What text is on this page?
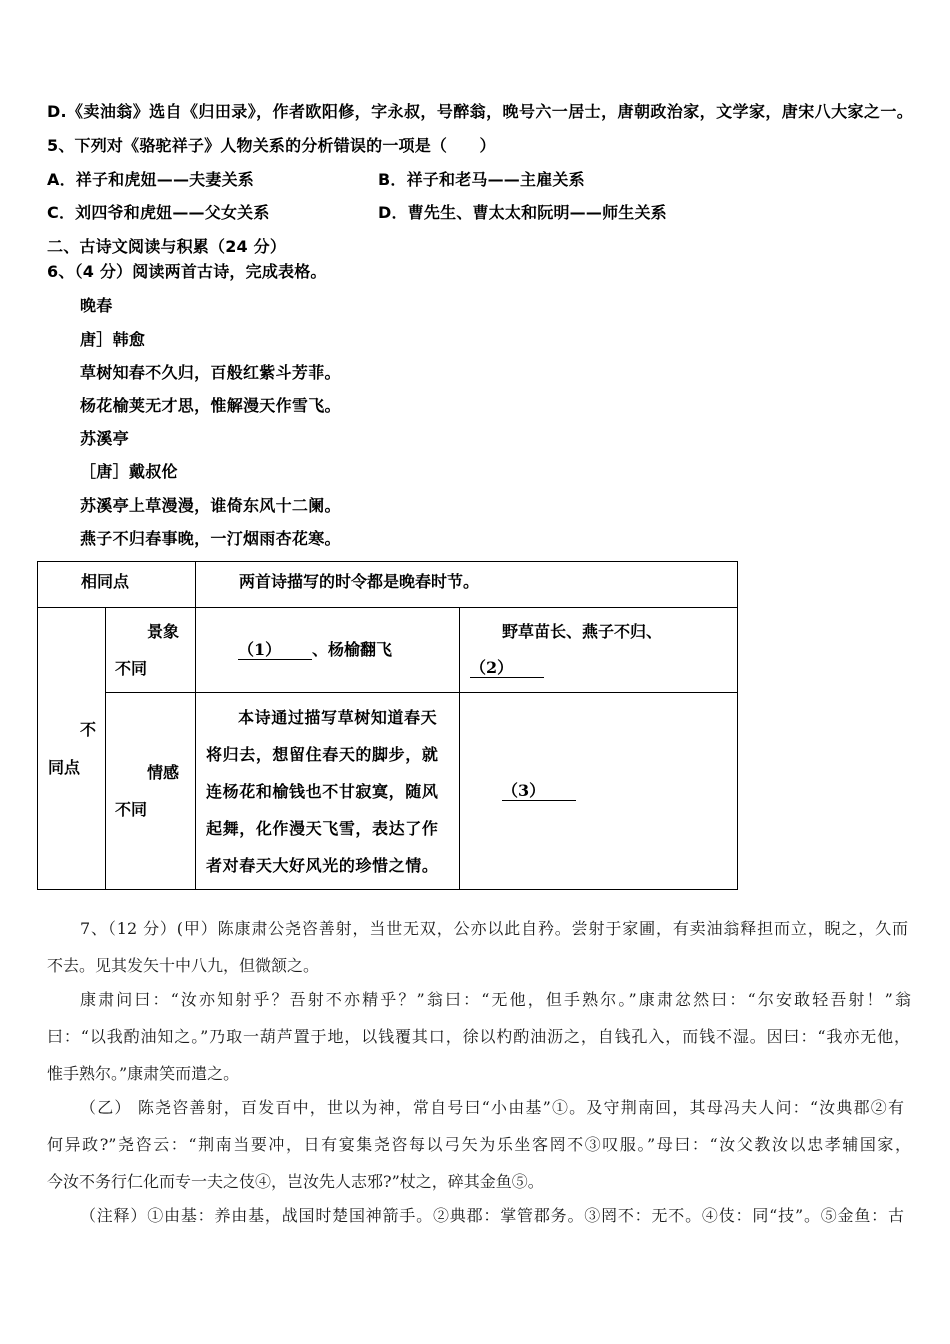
D.《卖油翁》选自《归田录》，作者欧阳修，字永叔，号醉翁，晚号六一居士，唐朝政治家，文学家，唐宋八大家之一。
5、下列对《骆驼祥子》人物关系的分析错误的一项是（　　）
A．祥子和虎妞——夫妻关系	B．祥子和老马——主雇关系
C．刘四爷和虎妞——父女关系	D．曹先生、曹太太和阮明——师生关系
二、古诗文阅读与积累（24 分）
6、（4 分）阅读两首古诗，完成表格。
晚春
唐］韩愈
草树知春不久归，百般红紫斗芳菲。
杨花榆荚无才思，惟解漫天作雪飞。
苏溪亭
［唐］戴叔伦
苏溪亭上草漫漫，谁倚东风十二阑。
燕子不归春事晚，一汀烟雨杏花寒。
相同点		两首诗描写的时令都是晚春时节。	
不同点	景象不同	（1） 、杨榆翻飞	野草苗长、燕子不归、
（2）

	情感不同	本诗通过描写草树知道春天
将归去，想留住春天的脚步，就
连杨花和榆钱也不甘寂寞，随风
起舞，化作漫天飞雪，表达了作
者对春天大好风光的珍惜之情。	（3）
7、（12 分）(甲）陈康肃公尧咨善射，当世无双，公亦以此自矜。尝射于家圃，有卖油翁释担而立，睨之，久而
不去。见其发矢十中八九，但微颔之。
康肃问曰：“汝亦知射乎？吾射不亦精乎？”翁曰：“无他，但手熟尔。”康肃忿然曰：“尔安敢轻吾射！”翁
曰：“以我酌油知之。”乃取一葫芦置于地，以钱覆其口，徐以杓酌油沥之，自钱孔入，而钱不湿。因曰：“我亦无他，
惟手熟尔。”康肃笑而遣之。
（乙） 陈尧咨善射，百发百中，世以为神，常自号曰“小由基”①。及守荆南回，其母冯夫人问：“汝典郡②有
何异政?”尧咨云：“荆南当要冲，日有宴集尧咨每以弓矢为乐坐客罔不③叹服。”母曰：“汝父教汝以忠孝辅国家，
今汝不务行仁化而专一夫之伎④，岂汝先人志邪?”杖之，碎其金鱼⑤。
（注释）①由基：养由基，战国时楚国神箭手。②典郡：掌管郡务。③罔不：无不。④伎：同“技”。⑤金鱼：古
